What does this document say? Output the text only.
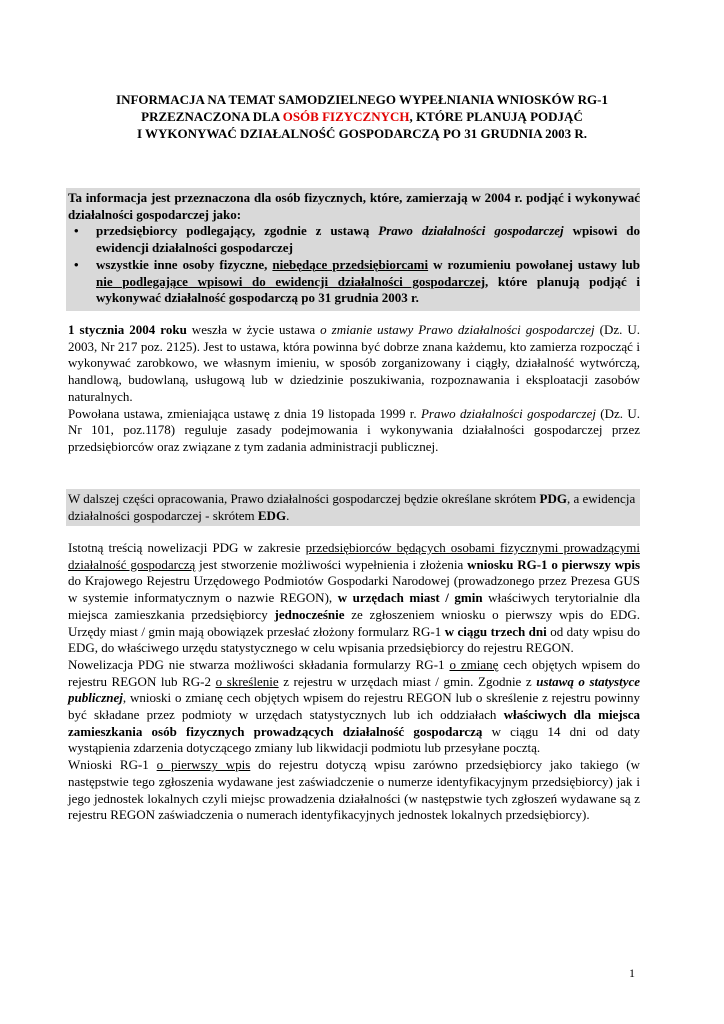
INFORMACJA NA TEMAT SAMODZIELNEGO WYPEŁNIANIA WNIOSKÓW RG-1
PRZEZNACZONA DLA OSÓB FIZYCZNYCH, KTÓRE PLANUJĄ PODJĄĆ
I WYKONYWAĆ DZIAŁALNOŚĆ GOSPODARCZĄ PO 31 GRUDNIA 2003 R.

Ta informacja jest przeznaczona dla osób fizycznych, które, zamierzają w 2004 r. podjąć i wykonywać działalności gospodarczej jako:

• przedsiębiorcy podlegający, zgodnie z ustawą Prawo działalności gospodarczej wpisowi do ewidencji działalności gospodarczej
• wszystkie inne osoby fizyczne, niebędące przedsiębiorcami w rozumieniu powołanej ustawy lub nie podlegające wpisowi do ewidencji działalności gospodarczej, które planują podjąć i wykonywać działalność gospodarczą po 31 grudnia 2003 r.

1 stycznia 2004 roku weszła w życie ustawa o zmianie ustawy Prawo działalności gospodarczej (Dz. U. 2003, Nr 217 poz. 2125). Jest to ustawa, która powinna być dobrze znana każdemu, kto zamierza rozpocząć i wykonywać zarobkowo, we własnym imieniu, w sposób zorganizowany i ciągły, działalność wytwórczą, handlową, budowlaną, usługową lub w dziedzinie poszukiwania, rozpoznawania i eksploatacji zasobów naturalnych.

Powołana ustawa, zmieniająca ustawę z dnia 19 listopada 1999 r. Prawo działalności gospodarczej (Dz. U. Nr 101, poz.1178) reguluje zasady podejmowania i wykonywania działalności gospodarczej przez przedsiębiorców oraz związane z tym zadania administracji publicznej.

W dalszej części opracowania, Prawo działalności gospodarczej będzie określane skrótem PDG, a ewidencja działalności gospodarczej - skrótem EDG.

Istotną treścią nowelizacji PDG w zakresie przedsiębiorców będących osobami fizycznymi prowadzącymi działalność gospodarczą jest stworzenie możliwości wypełnienia i złożenia wniosku RG-1 o pierwszy wpis do Krajowego Rejestru Urzędowego Podmiotów Gospodarki Narodowej (prowadzonego przez Prezesa GUS w systemie informatycznym o nazwie REGON), w urzędach miast / gmin właściwych terytorialnie dla miejsca zamieszkania przedsiębiorcy jednocześnie ze zgłoszeniem wniosku o pierwszy wpis do EDG. Urzędy miast / gmin mają obowiązek przesłać złożony formularz RG-1 w ciągu trzech dni od daty wpisu do EDG, do właściwego urzędu statystycznego w celu wpisania przedsiębiorcy do rejestru REGON.

Nowelizacja PDG nie stwarza możliwości składania formularzy RG-1 o zmianę cech objętych wpisem do rejestru REGON lub RG-2 o skreślenie z rejestru w urzędach miast / gmin. Zgodnie z ustawą o statystyce publicznej, wnioski o zmianę cech objętych wpisem do rejestru REGON lub o skreślenie z rejestru powinny być składane przez podmioty w urzędach statystycznych lub ich oddziałach właściwych dla miejsca zamieszkania osób fizycznych prowadzących działalność gospodarczą w ciągu 14 dni od daty wystąpienia zdarzenia dotyczącego zmiany lub likwidacji podmiotu lub przesyłane pocztą.

Wnioski RG-1 o pierwszy wpis do rejestru dotyczą wpisu zarówno przedsiębiorcy jako takiego (w następstwie tego zgłoszenia wydawane jest zaświadczenie o numerze identyfikacyjnym przedsiębiorcy) jak i jego jednostek lokalnych czyli miejsc prowadzenia działalności (w następstwie tych zgłoszeń wydawane są z rejestru REGON zaświadczenia o numerach identyfikacyjnych jednostek lokalnych przedsiębiorcy).

1
